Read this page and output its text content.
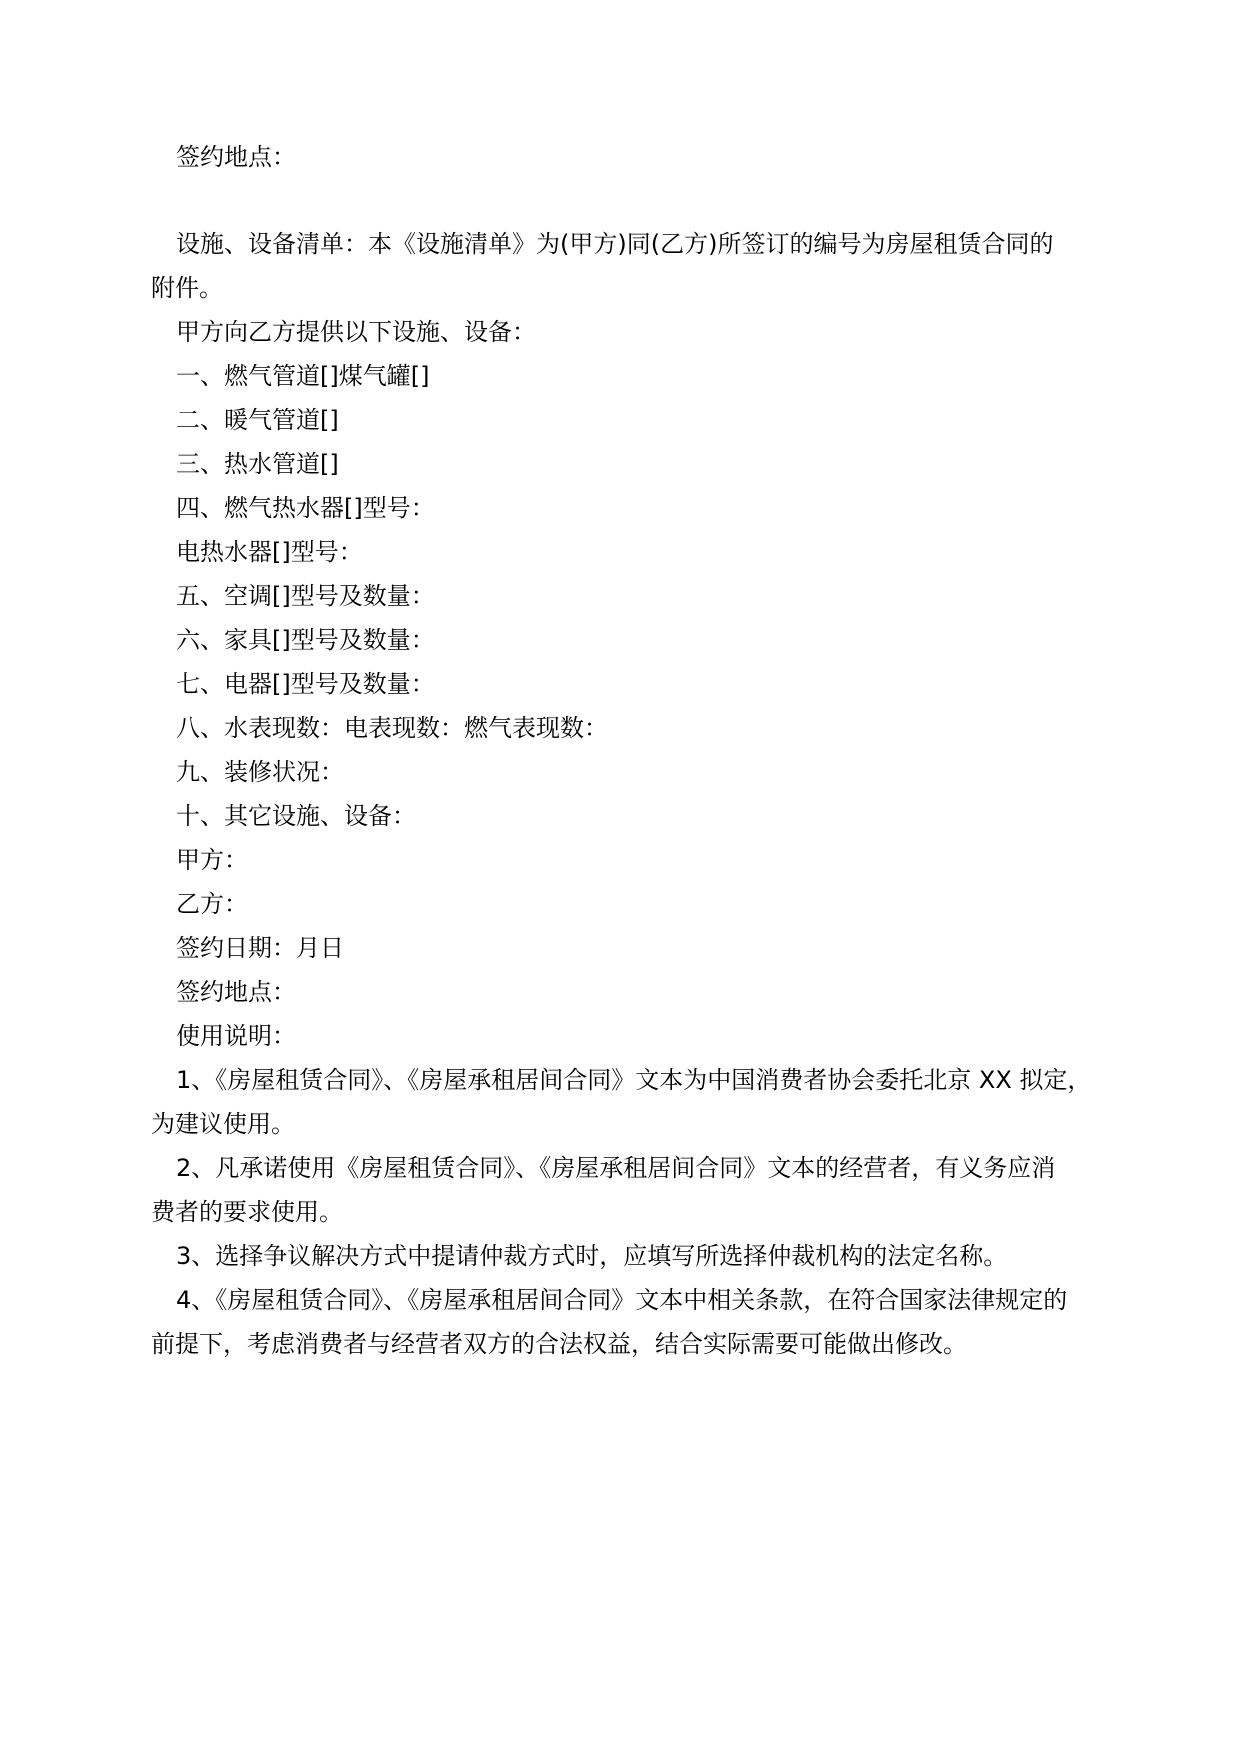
签约地点：
设施、设备清单：本《设施清单》为(甲方)同(乙方)所签订的编号为房屋租赁合同的
附件。
甲方向乙方提供以下设施、设备：
一、燃气管道[]煤气罐[]
二、暖气管道[]
三、热水管道[]
四、燃气热水器[]型号：
电热水器[]型号：
五、空调[]型号及数量：
六、家具[]型号及数量：
七、电器[]型号及数量：
八、水表现数：电表现数：燃气表现数：
九、装修状况：
十、其它设施、设备：
甲方：
乙方：
签约日期：月日
签约地点：
使用说明：
1、《房屋租赁合同》、《房屋承租居间合同》文本为中国消费者协会委托北京 XX 拟定，
为建议使用。
2、凡承诺使用《房屋租赁合同》、《房屋承租居间合同》文本的经营者，有义务应消
费者的要求使用。
3、选择争议解决方式中提请仲裁方式时，应填写所选择仲裁机构的法定名称。
4、《房屋租赁合同》、《房屋承租居间合同》文本中相关条款，在符合国家法律规定的
前提下，考虑消费者与经营者双方的合法权益，结合实际需要可能做出修改。
